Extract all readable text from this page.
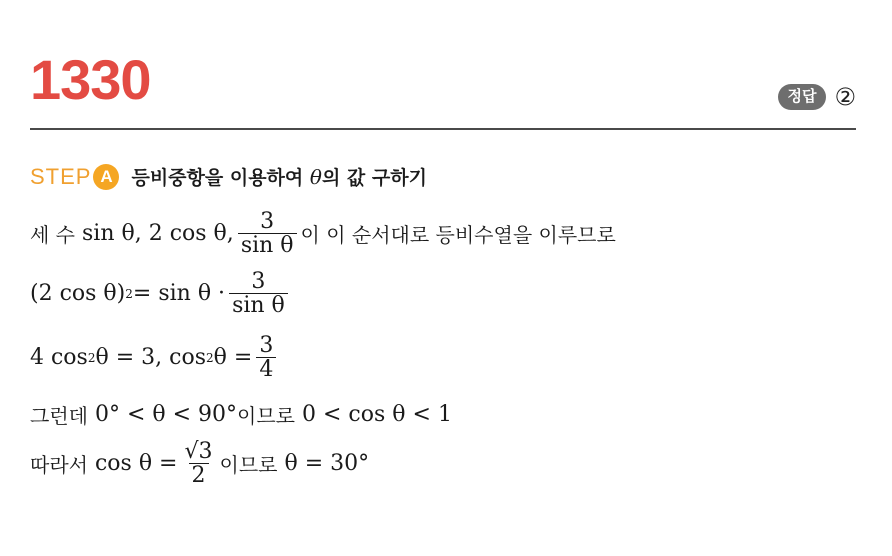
1330	정답 ②
STEP A 등비중항을 이용하여 θ의 값 구하기
세 수
sin θ, 2 cos θ, $\frac{3}{\text{sin θ}}$ 이 이 순서대로 등비수열을 이루므로
(2 cos θ) $2 = \sin \theta \cdot \frac{3}{\text{sin θ}}$
4 cos 2 θ = 3, cos 2 $\theta = \frac{3}{4}$
그런데
0° < θ < 90° 이므로
0 < cos θ < 1
따라서
$\cos \theta = \frac{√3}{2}$ 이므로
θ = 30°
